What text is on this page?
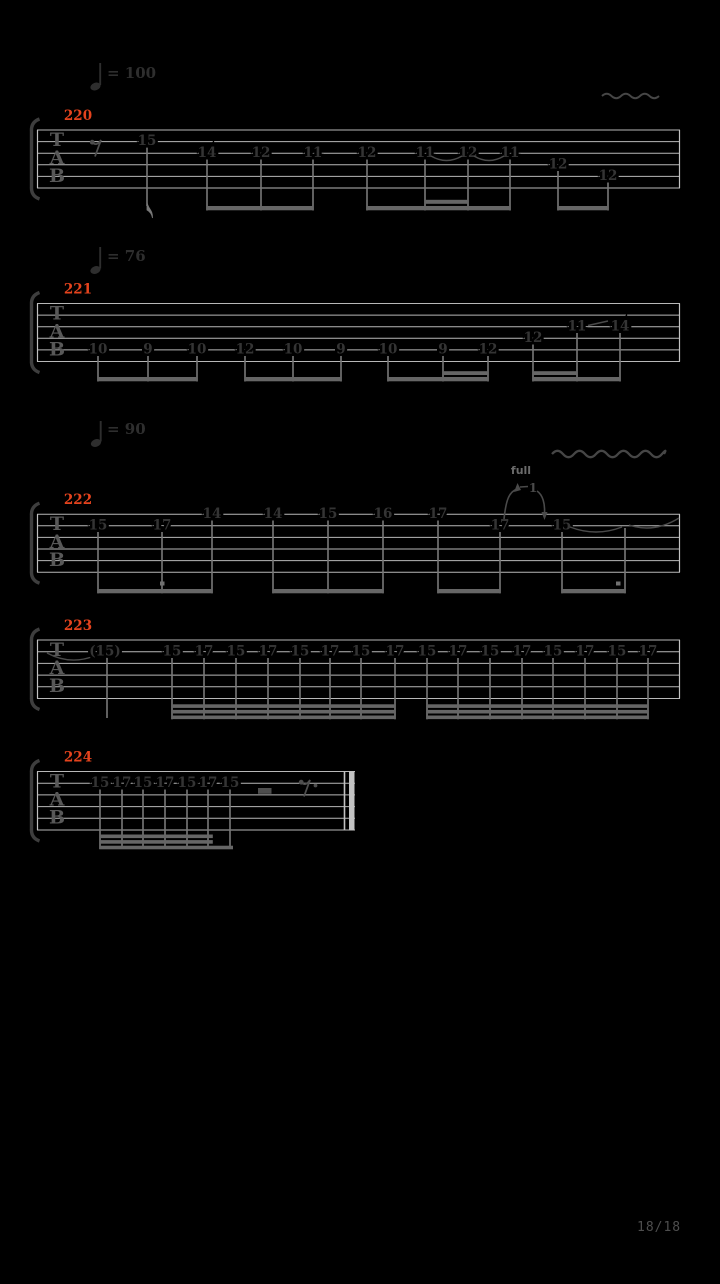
T
A
B
220
= 100
15
14	12 11	12	11 12 11
12
12
T
A
B
221
= 76
10	9	10 12 10	9 10	9 12
12
11 14
T
A
B
222
= 90
15	17
14	14	15	16	17
17	15
full
1
T
A
B
223
(15)	15 17 15 17 15 17 15 17 15 17 15 17 15 17 15 17
T
A
B
224
15 17 15 17 15 17 15
18/18
